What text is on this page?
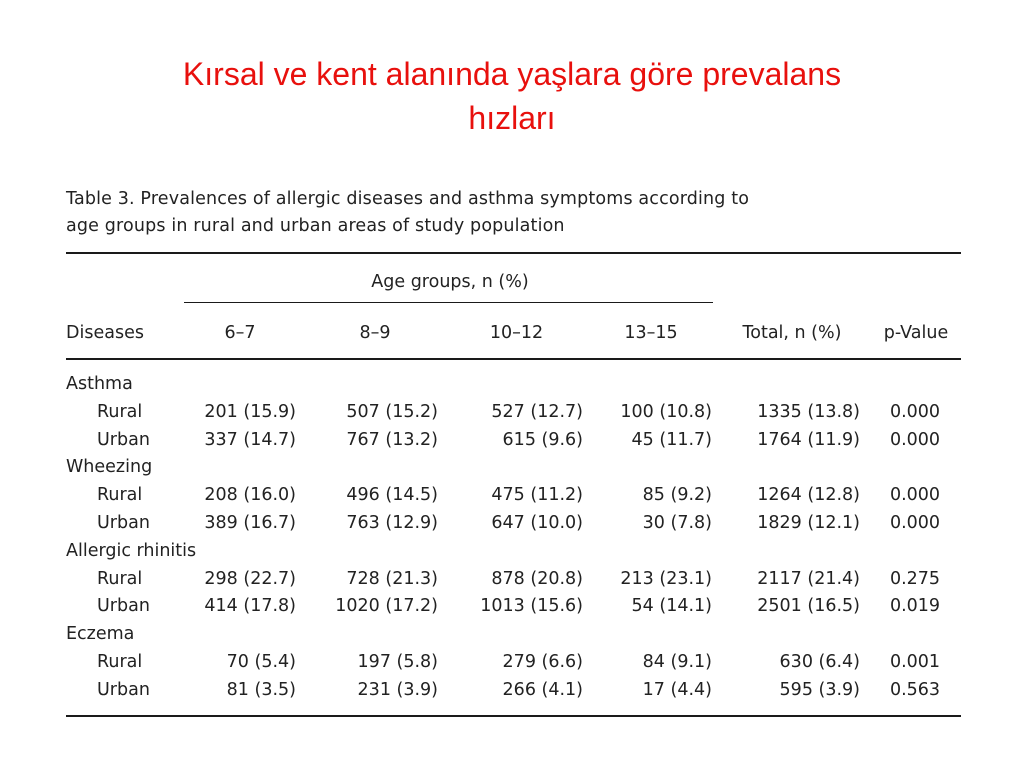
Kırsal ve kent alanında yaşlara göre prevalans
hızları
Table 3. Prevalences of allergic diseases and asthma symptoms according to
age groups in rural and urban areas of study population
Age groups, n (%)
Diseases	6–7	8–9	10–12	13–15	Total, n (%)	p-Value
Asthma
Rural	201 (15.9)	507 (15.2)	527 (12.7)	100 (10.8)	1335 (13.8)	0.000
Urban	337 (14.7)	767 (13.2)	615 (9.6)	45 (11.7)	1764 (11.9)	0.000
Wheezing
Rural	208 (16.0)	496 (14.5)	475 (11.2)	85 (9.2)	1264 (12.8)	0.000
Urban	389 (16.7)	763 (12.9)	647 (10.0)	30 (7.8)	1829 (12.1)	0.000
Allergic rhinitis
Rural	298 (22.7)	728 (21.3)	878 (20.8)	213 (23.1)	2117 (21.4)	0.275
Urban	414 (17.8)	1020 (17.2)	1013 (15.6)	54 (14.1)	2501 (16.5)	0.019
Eczema
Rural	70 (5.4)	197 (5.8)	279 (6.6)	84 (9.1)	630 (6.4)	0.001
Urban	81 (3.5)	231 (3.9)	266 (4.1)	17 (4.4)	595 (3.9)	0.563
